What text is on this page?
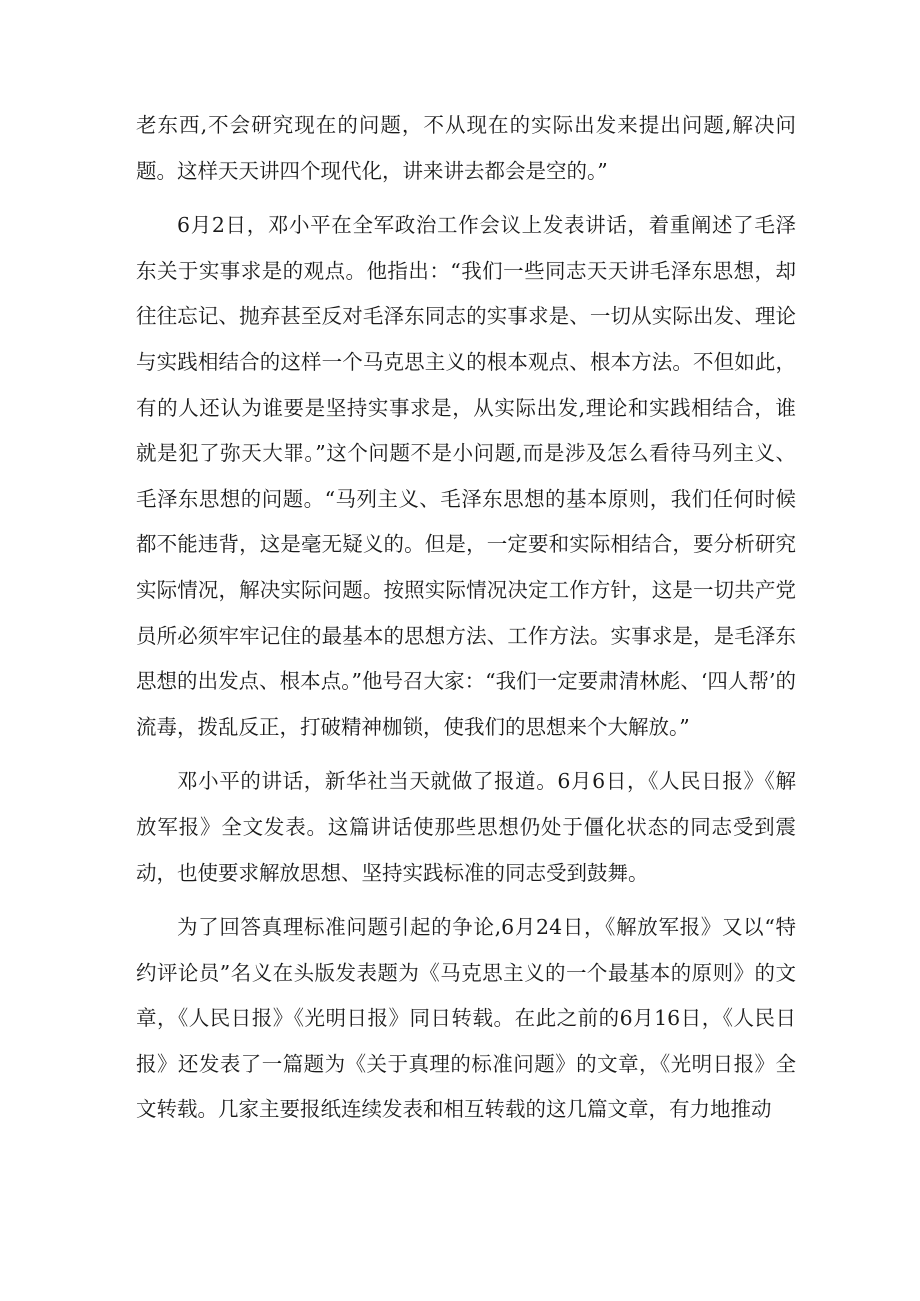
老东西,不会研究现在的问题，不从现在的实际出发来提出问题,解决问题。这样天天讲四个现代化，讲来讲去都会是空的。”

6月2日，邓小平在全军政治工作会议上发表讲话，着重阐述了毛泽东关于实事求是的观点。他指出：“我们一些同志天天讲毛泽东思想，却往往忘记、抛弃甚至反对毛泽东同志的实事求是、一切从实际出发、理论与实践相结合的这样一个马克思主义的根本观点、根本方法。不但如此，有的人还认为谁要是坚持实事求是，从实际出发,理论和实践相结合，谁就是犯了弥天大罪。”这个问题不是小问题,而是涉及怎么看待马列主义、毛泽东思想的问题。“马列主义、毛泽东思想的基本原则，我们任何时候都不能违背，这是毫无疑义的。但是，一定要和实际相结合，要分析研究实际情况，解决实际问题。按照实际情况决定工作方针，这是一切共产党员所必须牢牢记住的最基本的思想方法、工作方法。实事求是，是毛泽东思想的出发点、根本点。”他号召大家：“我们一定要肃清林彪、‘四人帮’的流毒，拨乱反正，打破精神枷锁，使我们的思想来个大解放。”

邓小平的讲话，新华社当天就做了报道。6月6日，《人民日报》《解放军报》全文发表。这篇讲话使那些思想仍处于僵化状态的同志受到震动，也使要求解放思想、坚持实践标准的同志受到鼓舞。

为了回答真理标准问题引起的争论,6月24日，《解放军报》又以“特约评论员”名义在头版发表题为《马克思主义的一个最基本的原则》的文章，《人民日报》《光明日报》同日转载。在此之前的6月16日，《人民日报》还发表了一篇题为《关于真理的标准问题》的文章，《光明日报》全文转载。几家主要报纸连续发表和相互转载的这几篇文章，有力地推动
